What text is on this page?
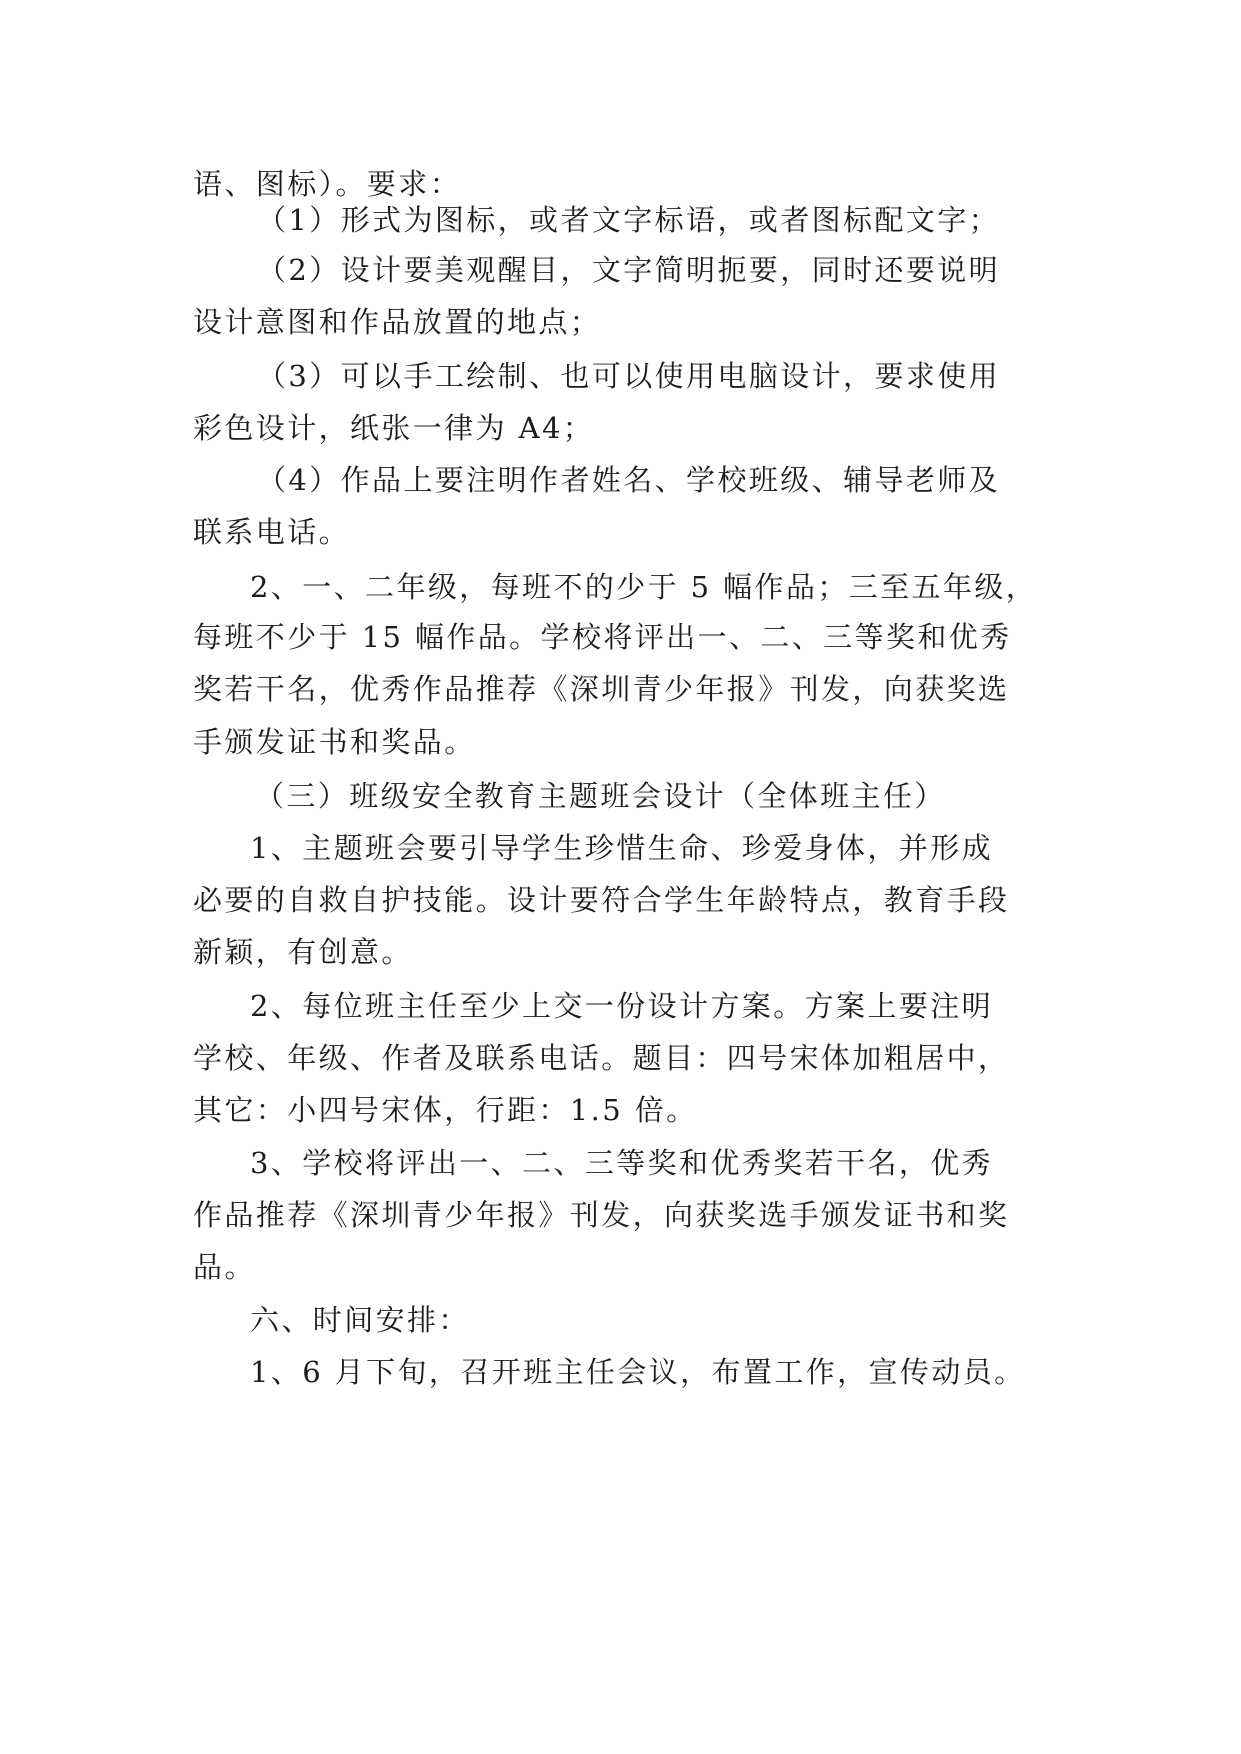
语、图标）。要求：

（1）形式为图标，或者文字标语，或者图标配文字；

（2）设计要美观醒目，文字简明扼要，同时还要说明

设计意图和作品放置的地点；

（3）可以手工绘制、也可以使用电脑设计，要求使用

彩色设计，纸张一律为 A4；

（4）作品上要注明作者姓名、学校班级、辅导老师及

联系电话。

2、一、二年级，每班不的少于 5 幅作品；三至五年级，

每班不少于 15 幅作品。学校将评出一、二、三等奖和优秀

奖若干名，优秀作品推荐《深圳青少年报》刊发，向获奖选

手颁发证书和奖品。

（三）班级安全教育主题班会设计（全体班主任）

1、主题班会要引导学生珍惜生命、珍爱身体，并形成

必要的自救自护技能。设计要符合学生年龄特点，教育手段

新颖，有创意。

2、每位班主任至少上交一份设计方案。方案上要注明

学校、年级、作者及联系电话。题目：四号宋体加粗居中，

其它：小四号宋体，行距：1.5 倍。

3、学校将评出一、二、三等奖和优秀奖若干名，优秀

作品推荐《深圳青少年报》刊发，向获奖选手颁发证书和奖

品。

六、时间安排：

1、6 月下旬，召开班主任会议，布置工作，宣传动员。
